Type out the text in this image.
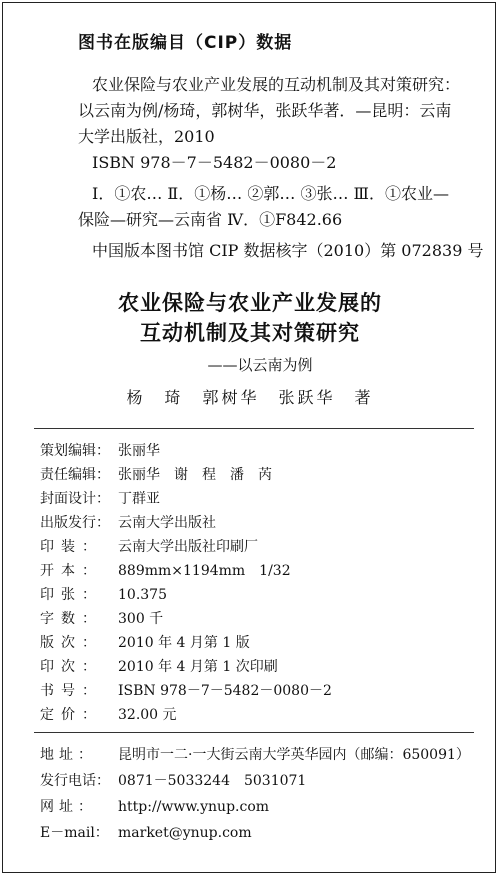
图书在版编目（CIP）数据
农业保险与农业产业发展的互动机制及其对策研究：
以云南为例/杨琦，郭树华，张跃华著．—昆明：云南
大学出版社，2010
ISBN 978－7－5482－0080－2
Ⅰ．①农… Ⅱ．①杨… ②郭… ③张… Ⅲ．①农业—
保险—研究—云南省 Ⅳ．①F842.66
中国版本图书馆 CIP 数据核字（2010）第 072839 号
农业保险与农业产业发展的
互动机制及其对策研究
——以云南为例
杨　琦　郭树华　张跃华　著
策划编辑： 张丽华
责任编辑： 张丽华　谢　程　潘　芮
封面设计： 丁群亚
出版发行： 云南大学出版社
印装： 云南大学出版社印刷厂
开本： 889mm×1194mm　1/32
印张： 10.375
字数： 300 千
版次： 2010 年 4 月第 1 版
印次： 2010 年 4 月第 1 次印刷
书号： ISBN 978－7－5482－0080－2
定价： 32.00 元
地址： 昆明市一二·一大街云南大学英华园内（邮编：650091）
发行电话： 0871－5033244　5031071
网址： http://www.ynup.com
E－mail： market@ynup.com
